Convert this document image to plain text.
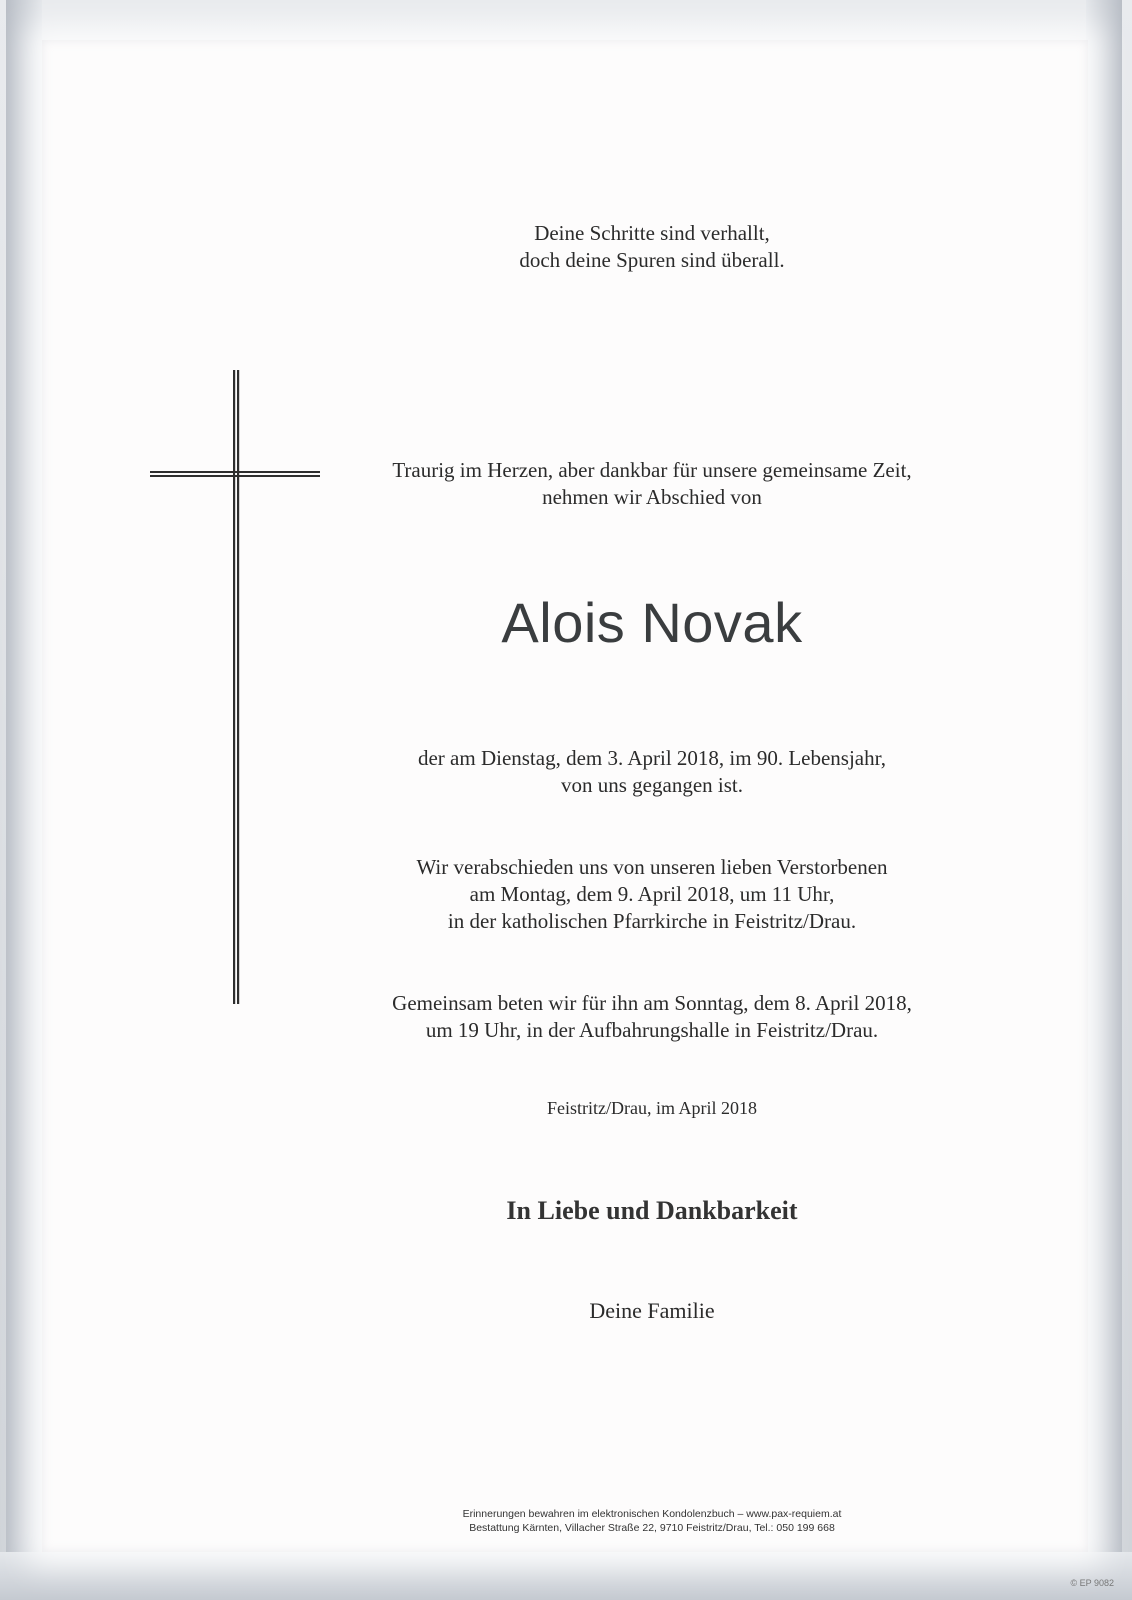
Deine Schritte sind verhallt,
doch deine Spuren sind überall.
Traurig im Herzen, aber dankbar für unsere gemeinsame Zeit,
nehmen wir Abschied von
Alois Novak
der am Dienstag, dem 3. April 2018, im 90. Lebensjahr,
von uns gegangen ist.
Wir verabschieden uns von unseren lieben Verstorbenen
am Montag, dem 9. April 2018, um 11 Uhr,
in der katholischen Pfarrkirche in Feistritz/Drau.
Gemeinsam beten wir für ihn am Sonntag, dem 8. April 2018,
um 19 Uhr, in der Aufbahrungshalle in Feistritz/Drau.
Feistritz/Drau, im April 2018
In Liebe und Dankbarkeit
Deine Familie
Erinnerungen bewahren im elektronischen Kondolenzbuch – www.pax-requiem.at
Bestattung Kärnten, Villacher Straße 22, 9710 Feistritz/Drau, Tel.: 050 199 668
© EP 9082
